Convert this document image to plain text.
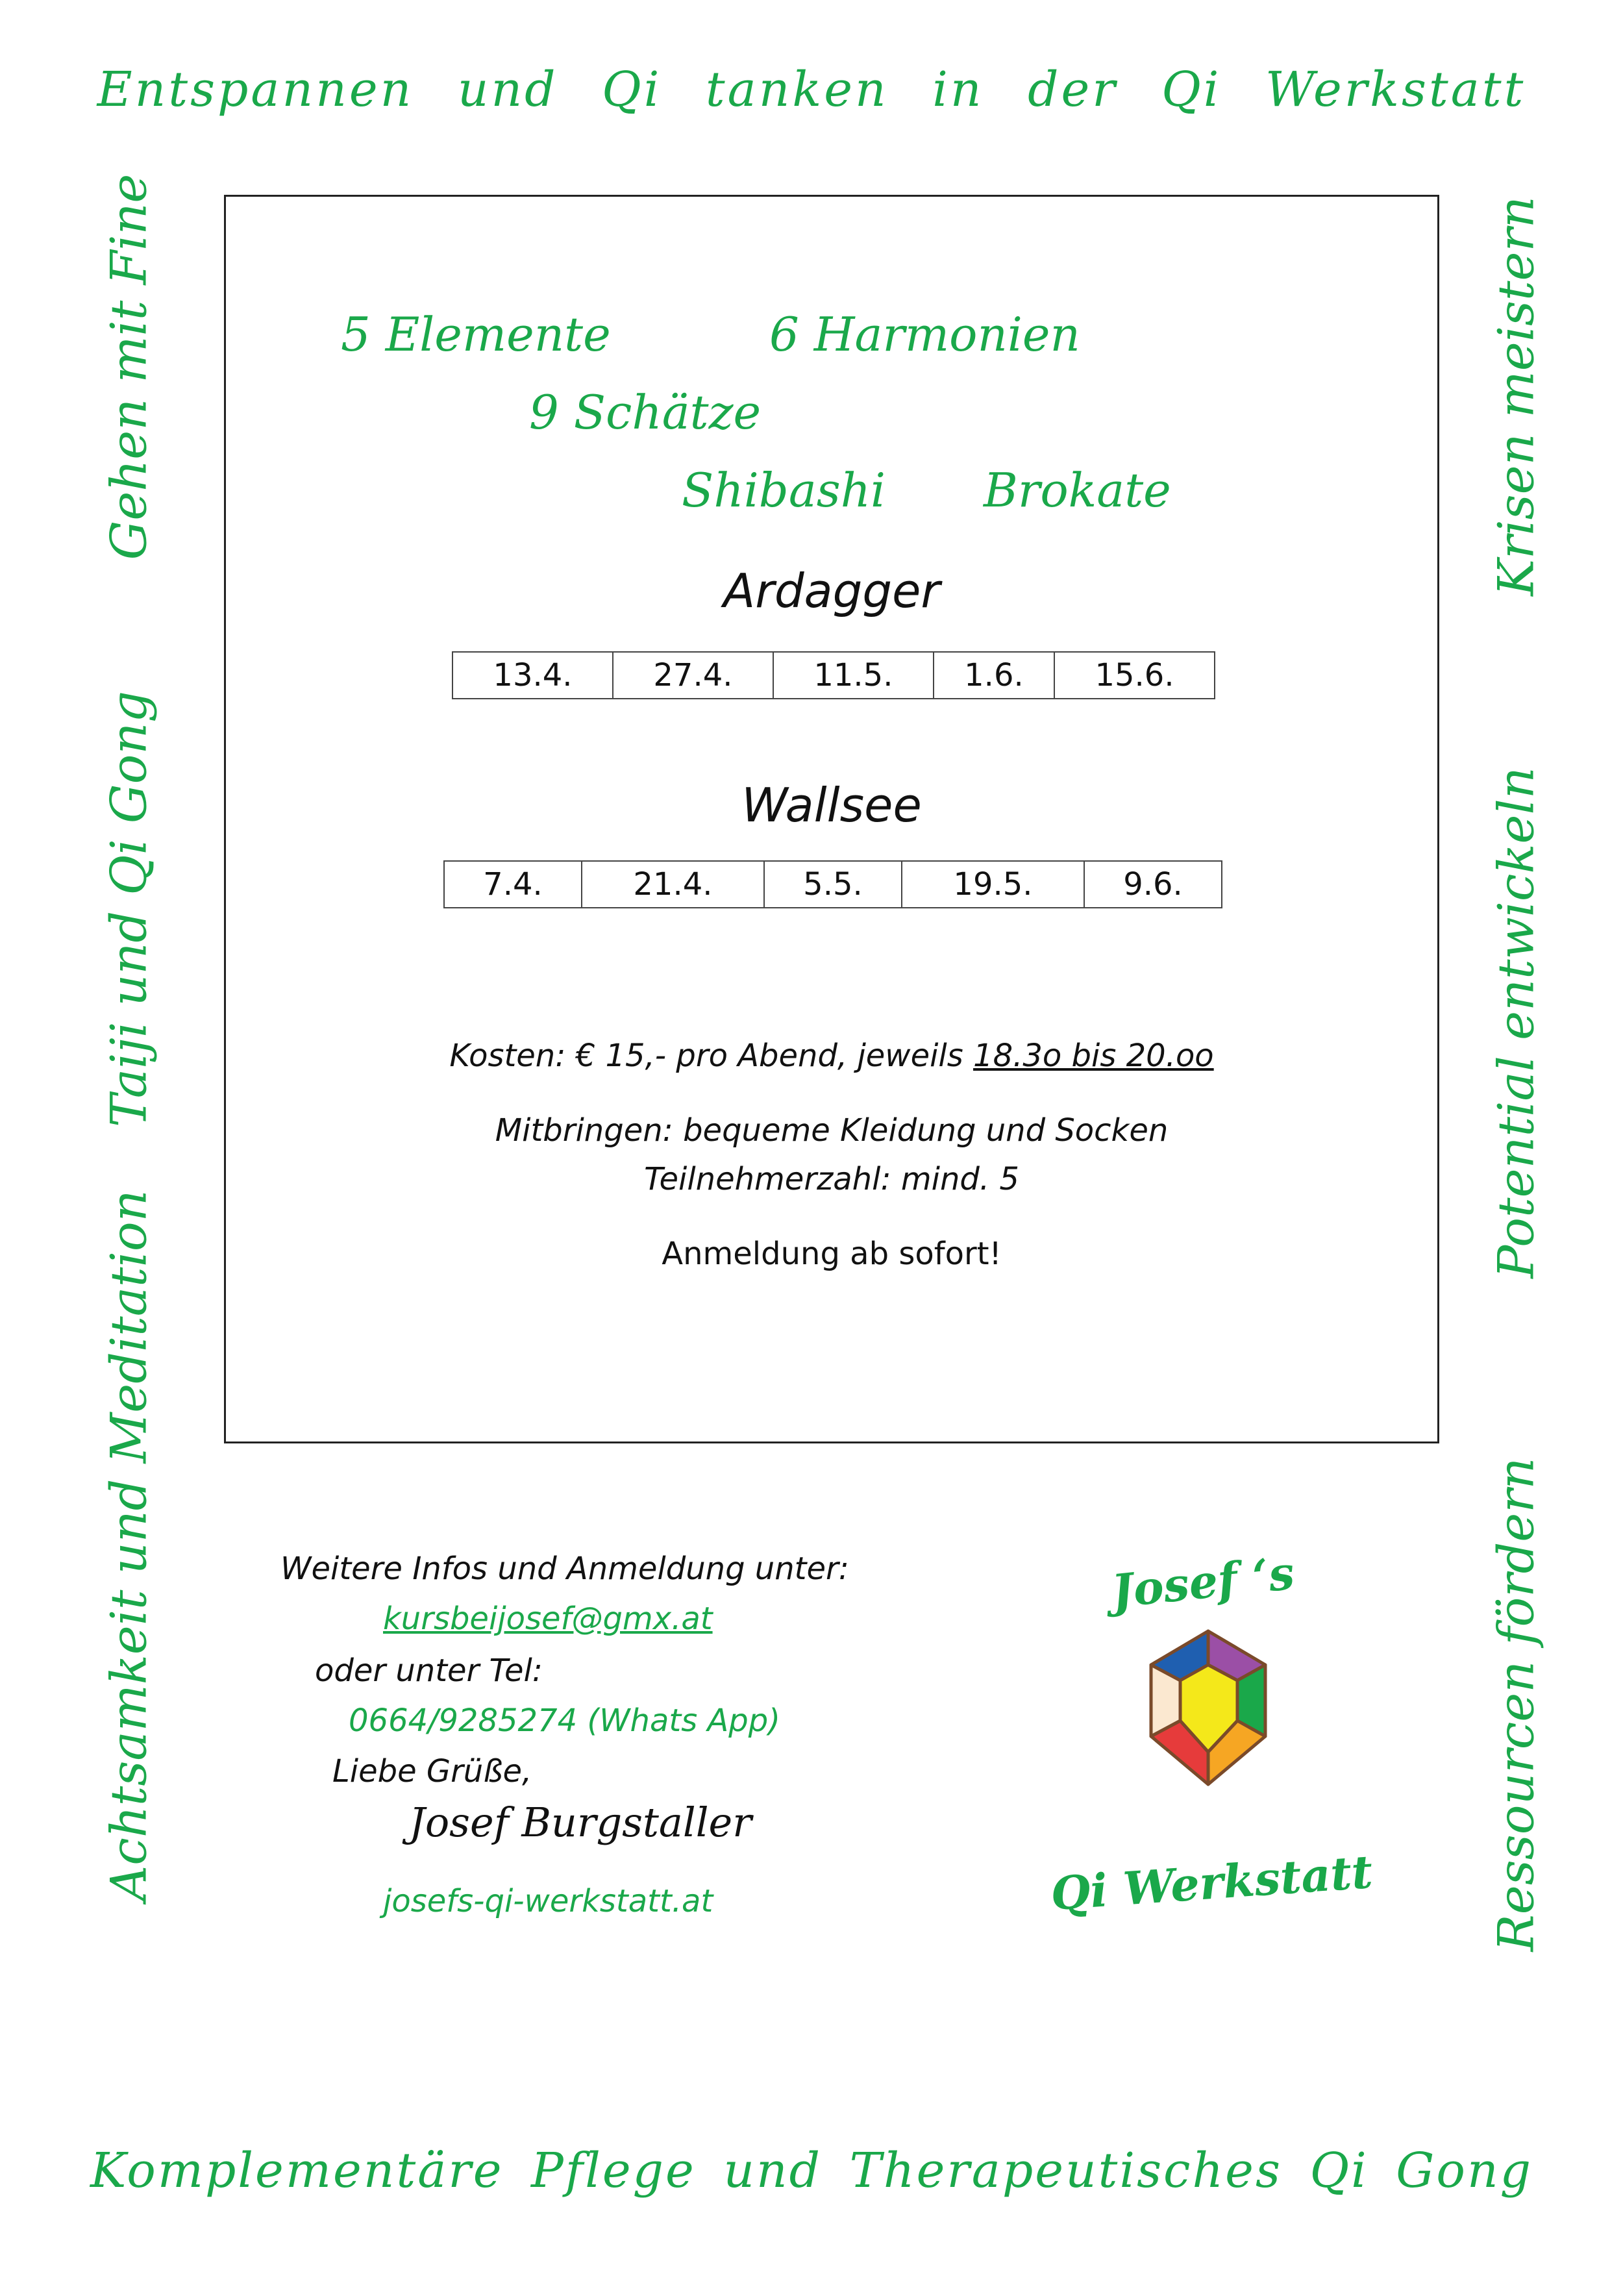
Entspannen und Qi tanken in der Qi Werkstatt
Achtsamkeit und Meditation
Taiji und Qi Gong
Gehen mit Fine	Krisen meistern
Potential entwickeln
Ressourcen fördern
5 Elemente	6 Harmonien
9 Schätze
Shibashi Brokate
Ardagger
13.4.	27.4.	11.5.	1.6.	15.6.
Wallsee
7.4.	21.4.	5.5.	19.5.	9.6.
Kosten: € 15,- pro Abend, jeweils 18.3o bis 20.oo
Mitbringen: bequeme Kleidung und Socken
Teilnehmerzahl: mind. 5
Anmeldung ab sofort!
Weitere Infos und Anmeldung unter:
kursbeijosef@gmx.at
oder unter Tel:
0664/9285274 (Whats App)
Liebe Grüße,
Josef Burgstaller
josefs-qi-werkstatt.at
Josef ‘s
Qi Werkstatt
Komplementäre Pflege und Therapeutisches Qi Gong
